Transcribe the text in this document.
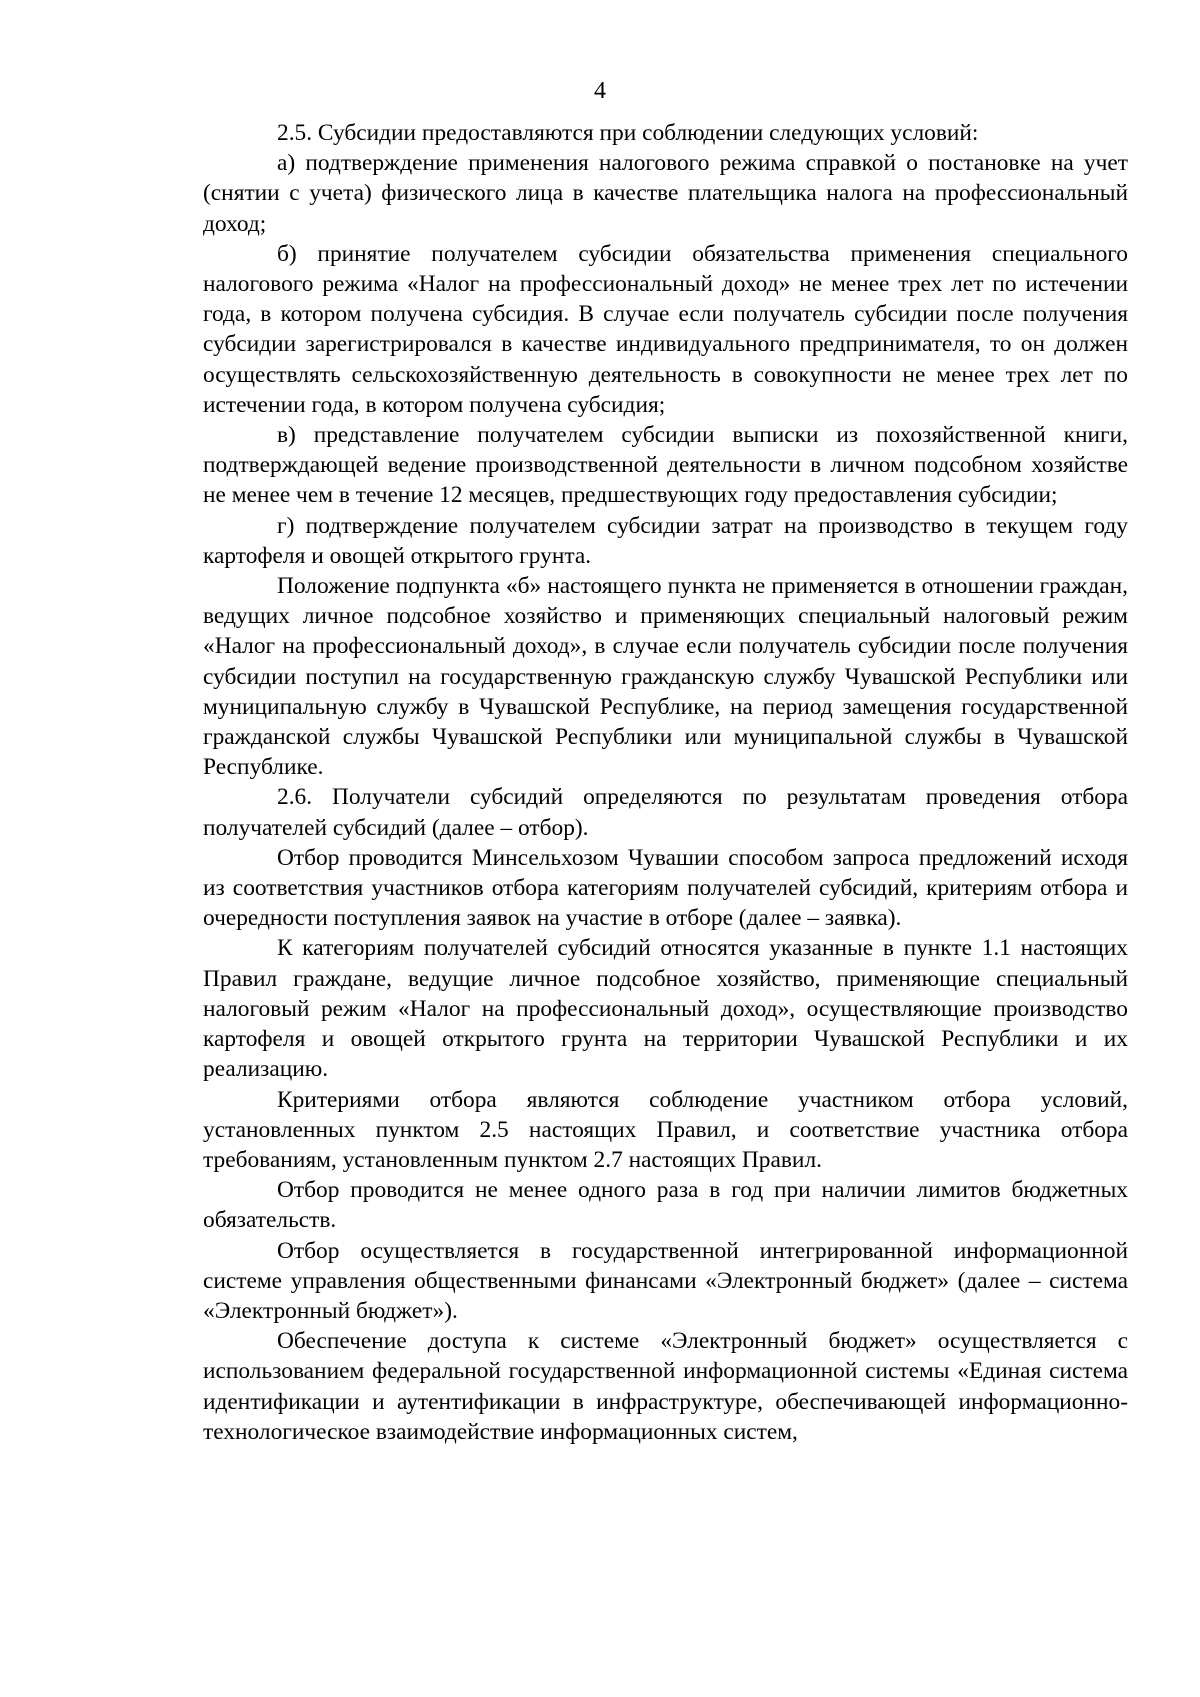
4

2.5. Субсидии предоставляются при соблюдении следующих условий:

а) подтверждение применения налогового режима справкой о постановке на учет (снятии с учета) физического лица в качестве плательщика налога на профессиональный доход;

б) принятие получателем субсидии обязательства применения специального налогового режима «Налог на профессиональный доход» не менее трех лет по истечении года, в котором получена субсидия. В случае если получатель субсидии после получения субсидии зарегистрировался в качестве индивидуального предпринимателя, то он должен осуществлять сельскохозяйственную деятельность в совокупности не менее трех лет по истечении года, в котором получена субсидия;

в) представление получателем субсидии выписки из похозяйственной книги, подтверждающей ведение производственной деятельности в личном подсобном хозяйстве не менее чем в течение 12 месяцев, предшествующих году предоставления субсидии;

г) подтверждение получателем субсидии затрат на производство в текущем году картофеля и овощей открытого грунта.

Положение подпункта «б» настоящего пункта не применяется в отношении граждан, ведущих личное подсобное хозяйство и применяющих специальный налоговый режим «Налог на профессиональный доход», в случае если получатель субсидии после получения субсидии поступил на государственную гражданскую службу Чувашской Республики или муниципальную службу в Чувашской Республике, на период замещения государственной гражданской службы Чувашской Республики или муниципальной службы в Чувашской Республике.

2.6. Получатели субсидий определяются по результатам проведения отбора получателей субсидий (далее – отбор).

Отбор проводится Минсельхозом Чувашии способом запроса предложений исходя из соответствия участников отбора категориям получателей субсидий, критериям отбора и очередности поступления заявок на участие в отборе (далее – заявка).

К категориям получателей субсидий относятся указанные в пункте 1.1 настоящих Правил граждане, ведущие личное подсобное хозяйство, применяющие специальный налоговый режим «Налог на профессиональный доход», осуществляющие производство картофеля и овощей открытого грунта на территории Чувашской Республики и их реализацию.

Критериями отбора являются соблюдение участником отбора условий, установленных пунктом 2.5 настоящих Правил, и соответствие участника отбора требованиям, установленным пунктом 2.7 настоящих Правил.

Отбор проводится не менее одного раза в год при наличии лимитов бюджетных обязательств.

Отбор осуществляется в государственной интегрированной информационной системе управления общественными финансами «Электронный бюджет» (далее – система «Электронный бюджет»).

Обеспечение доступа к системе «Электронный бюджет» осуществляется с использованием федеральной государственной информационной системы «Единая система идентификации и аутентификации в инфраструктуре, обеспечивающей информационно-технологическое взаимодействие информационных систем,
